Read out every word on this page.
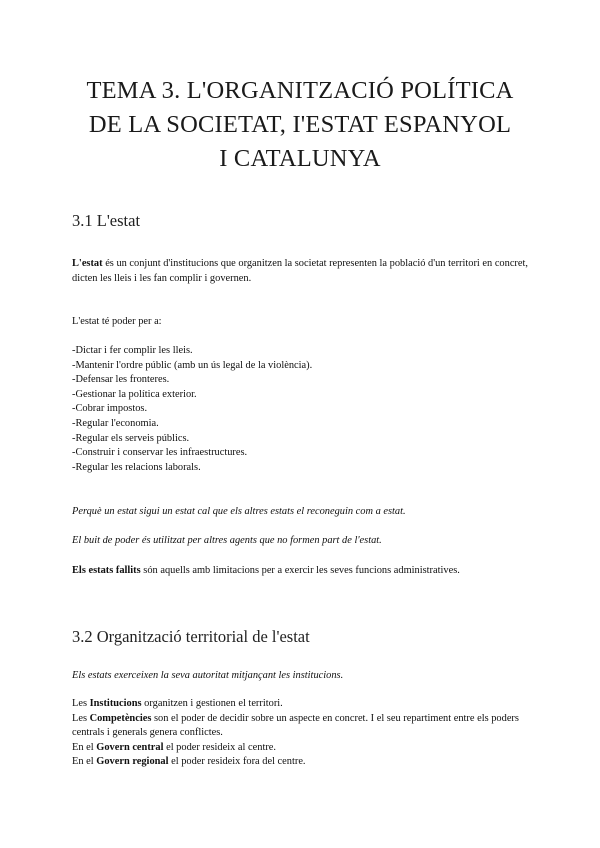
TEMA 3. L'ORGANITZACIÓ POLÍTICA
DE LA SOCIETAT, I'ESTAT ESPANYOL
I CATALUNYA
3.1 L'estat
L'estat és un conjunt d'institucions que organitzen la societat representen la població d'un territori en concret, dicten les lleis i les fan complir i governen.
L'estat té poder per a:
-Dictar i fer complir les lleis.
-Mantenir l'ordre públic (amb un ús legal de la violència).
-Defensar les fronteres.
-Gestionar la política exterior.
-Cobrar impostos.
-Regular l'economia.
-Regular els serveis públics.
-Construir i conservar les infraestructures.
-Regular les relacions laborals.
Perquè un estat sigui un estat cal que els altres estats el reconeguin com a estat.
El buit de poder és utilitzat per altres agents que no formen part de l'estat.
Els estats fallits són aquells amb limitacions per a exercir les seves funcions administratives.
3.2 Organització territorial de l'estat
Els estats exerceixen la seva autoritat mitjançant les institucions.
Les Institucions organitzen i gestionen el territori.
Les Competències son el poder de decidir sobre un aspecte en concret. I el seu repartiment entre els poders centrals i generals genera conflictes.
En el Govern central el poder resideix al centre.
En el Govern regional el poder resideix fora del centre.
